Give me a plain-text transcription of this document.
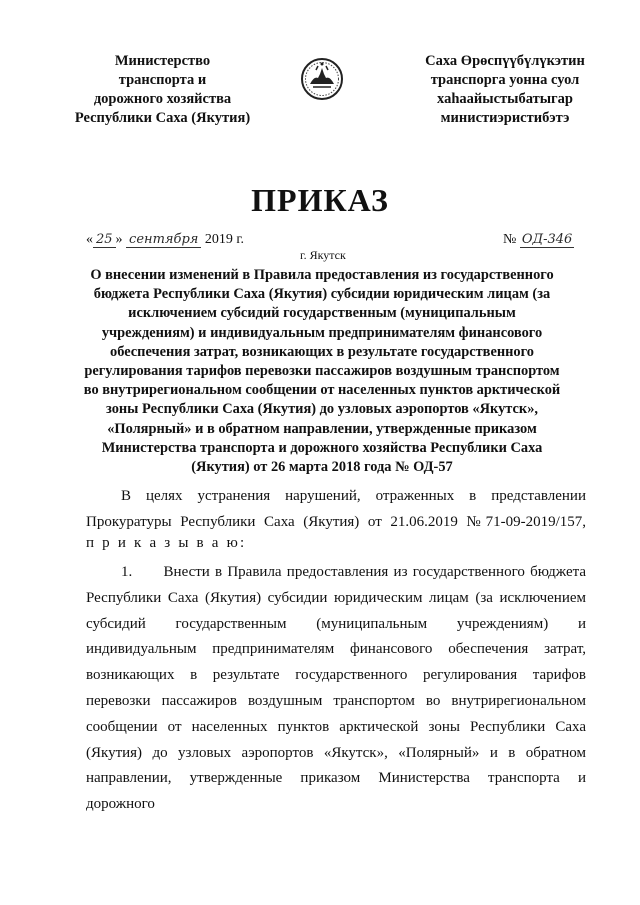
Министерство
транспорта и
дорожного хозяйства
Республики Саха (Якутия)
Саха Өрөспүүбүлүкэтин
транспорга уонна суол
хаhаайыстыбатыгар
министиэристибэтэ
ПРИКАЗ
« 25 » сентября 2019 г.	№ ОД-346
г. Якутск
О внесении изменений в Правила предоставления из государственного
бюджета Республики Саха (Якутия) субсидии юридическим лицам (за
исключением субсидий государственным (муниципальным
учреждениям) и индивидуальным предпринимателям финансового
обеспечения затрат, возникающих в результате государственного
регулирования тарифов перевозки пассажиров воздушным транспортом
во внутрирегиональном сообщении от населенных пунктов арктической
зоны Республики Саха (Якутия) до узловых аэропортов «Якутск»,
«Полярный» и в обратном направлении, утвержденные приказом
Министерства транспорта и дорожного хозяйства Республики Саха
(Якутия) от 26 марта 2018 года № ОД-57
В целях устранения нарушений, отраженных в представлении
Прокуратуры Республики Саха (Якутия) от 21.06.2019 №71-09-2019/157,
п р и к а з ы в а ю:
1. Внести в Правила предоставления из государственного бюджета
Республики Саха (Якутия) субсидии юридическим лицам (за исключением
субсидий государственным (муниципальным учреждениям) и
индивидуальным предпринимателям финансового обеспечения затрат,
возникающих в результате государственного регулирования тарифов
перевозки пассажиров воздушным транспортом во внутрирегиональном
сообщении от населенных пунктов арктической зоны Республики Саха
(Якутия) до узловых аэропортов «Якутск», «Полярный» и в обратном
направлении, утвержденные приказом Министерства транспорта и дорожного
